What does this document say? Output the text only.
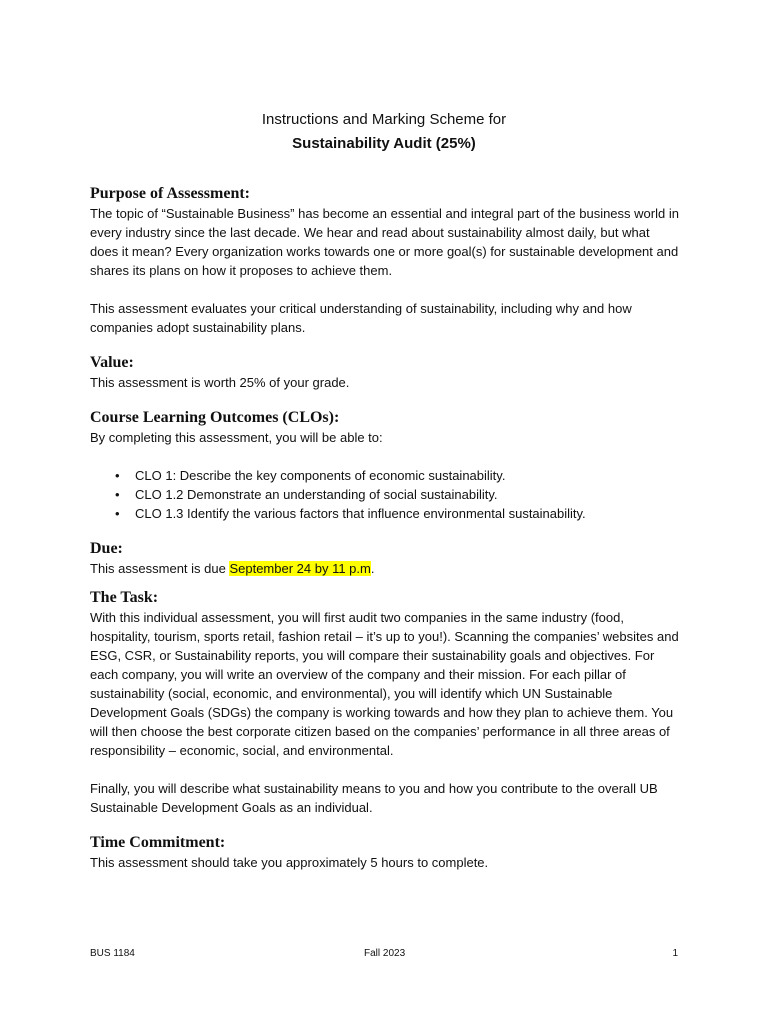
Instructions and Marking Scheme for
Sustainability Audit (25%)
Purpose of Assessment:

The topic of “Sustainable Business” has become an essential and integral part of the business world in every industry since the last decade. We hear and read about sustainability almost daily, but what does it mean? Every organization works towards one or more goal(s) for sustainable development and shares its plans on how it proposes to achieve them.

This assessment evaluates your critical understanding of sustainability, including why and how companies adopt sustainability plans.

Value:

This assessment is worth 25% of your grade.

Course Learning Outcomes (CLOs):

By completing this assessment, you will be able to:

• CLO 1: Describe the key components of economic sustainability.
• CLO 1.2 Demonstrate an understanding of social sustainability.
• CLO 1.3 Identify the various factors that influence environmental sustainability.
Due:

This assessment is due September 24 by 11 p.m.

The Task:

With this individual assessment, you will first audit two companies in the same industry (food, hospitality, tourism, sports retail, fashion retail – it’s up to you!). Scanning the companies’ websites and ESG, CSR, or Sustainability reports, you will compare their sustainability goals and objectives. For each company, you will write an overview of the company and their mission. For each pillar of sustainability (social, economic, and environmental), you will identify which UN Sustainable Development Goals (SDGs) the company is working towards and how they plan to achieve them. You will then choose the best corporate citizen based on the companies’ performance in all three areas of responsibility – economic, social, and environmental.

Finally, you will describe what sustainability means to you and how you contribute to the overall UB Sustainable Development Goals as an individual.

Time Commitment:

This assessment should take you approximately 5 hours to complete.

BUS 1184	Fall 2023	1
